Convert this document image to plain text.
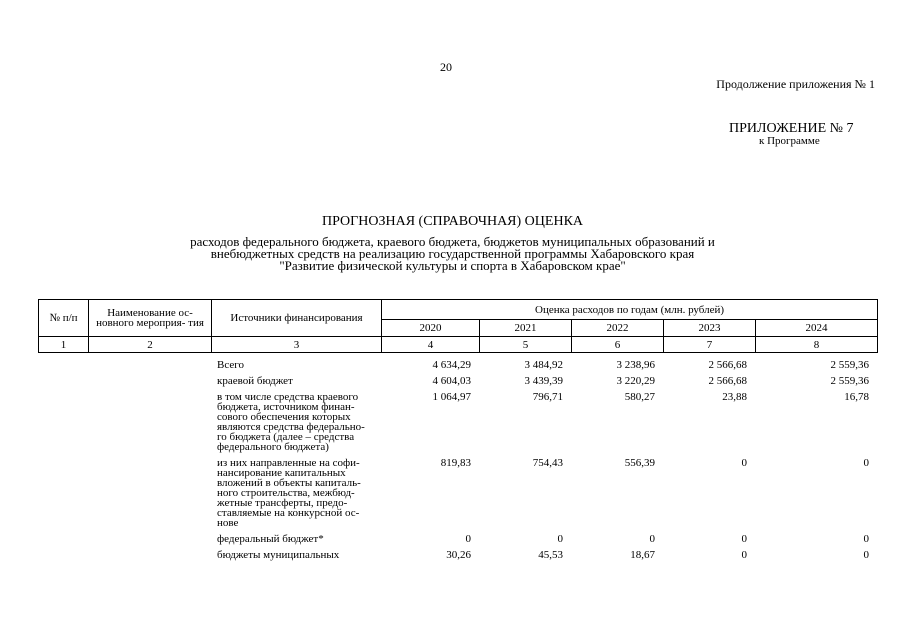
20
Продолжение приложения № 1
ПРИЛОЖЕНИЕ № 7
к Программе
ПРОГНОЗНАЯ (СПРАВОЧНАЯ) ОЦЕНКА
расходов федерального бюджета, краевого бюджета, бюджетов муниципальных образований и
внебюджетных средств на реализацию государственной программы Хабаровского края
"Развитие физической культуры и спорта в Хабаровском крае"
№ п/п	Наименование ос- новного мероприя- тия	Источники финансирования	Оценка расходов по годам (млн. рублей)				
			2020	2021	2022	2023	2024
1	2	3	4	5	6	7	8
		Всего	4 634,29	3 484,92	3 238,96	2 566,68	2 559,36
		краевой бюджет	4 604,03	3 439,39	3 220,29	2 566,68	2 559,36
		в том числе средства краевого бюджета, источником финан- сового обеспечения которых являются средства федерально- го бюджета (далее – средства федерального бюджета)	1 064,97	796,71	580,27	23,88	16,78
		из них направленные на софи- нансирование капитальных вложений в объекты капиталь- ного строительства, межбюд- жетные трансферты, предо- ставляемые на конкурсной ос- нове	819,83	754,43	556,39	0	0
		федеральный бюджет*	0	0	0	0	0
		бюджеты муниципальных	30,26	45,53	18,67	0	0
